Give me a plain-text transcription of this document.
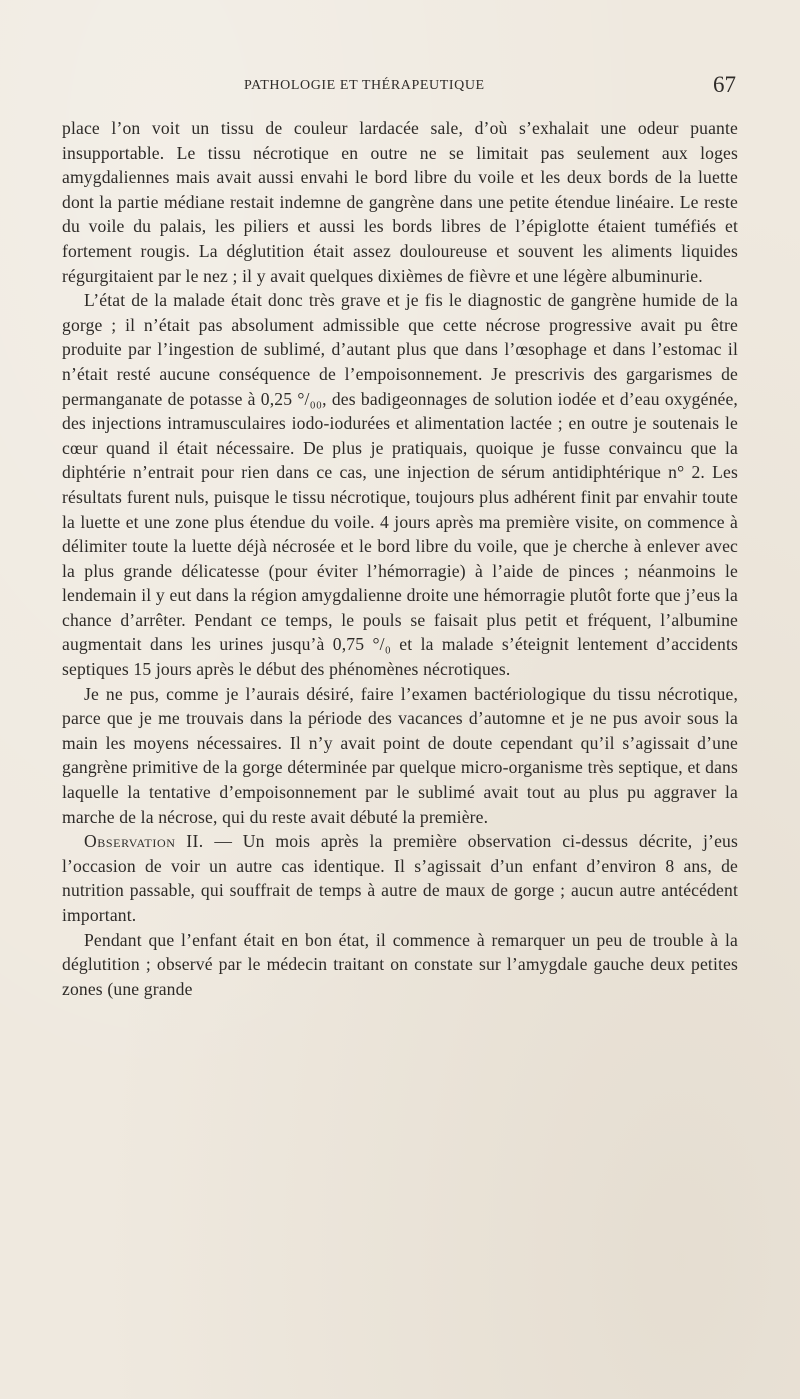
PATHOLOGIE ET THÉRAPEUTIQUE	67

place l’on voit un tissu de couleur lardacée sale, d’où s’exhalait une odeur puante insupportable. Le tissu nécrotique en outre ne se limitait pas seulement aux loges amygdaliennes mais avait aussi envahi le bord libre du voile et les deux bords de la luette dont la partie médiane restait indemne de gangrène dans une petite étendue linéaire. Le reste du voile du palais, les piliers et aussi les bords libres de l’épiglotte étaient tuméfiés et fortement rougis. La déglutition était assez douloureuse et souvent les aliments liquides régurgitaient par le nez ; il y avait quelques dixièmes de fièvre et une légère albuminurie.

L’état de la malade était donc très grave et je fis le diagnostic de gangrène humide de la gorge ; il n’était pas absolument admissible que cette nécrose progressive avait pu être produite par l’ingestion de sublimé, d’autant plus que dans l’œsophage et dans l’estomac il n’était resté aucune conséquence de l’empoisonnement. Je prescrivis des gargarismes de permanganate de potasse à 0,25 °/₀₀, des badigeonnages de solution iodée et d’eau oxygénée, des injections intramusculaires iodo-iodurées et alimentation lactée ; en outre je soutenais le cœur quand il était nécessaire. De plus je pratiquais, quoique je fusse convaincu que la diphtérie n’entrait pour rien dans ce cas, une injection de sérum antidiphtérique n° 2. Les résultats furent nuls, puisque le tissu nécrotique, toujours plus adhérent finit par envahir toute la luette et une zone plus étendue du voile. 4 jours après ma première visite, on commence à délimiter toute la luette déjà nécrosée et le bord libre du voile, que je cherche à enlever avec la plus grande délicatesse (pour éviter l’hémorragie) à l’aide de pinces ; néanmoins le lendemain il y eut dans la région amygdalienne droite une hémorragie plutôt forte que j’eus la chance d’arrêter. Pendant ce temps, le pouls se faisait plus petit et fréquent, l’albumine augmentait dans les urines jusqu’à 0,75 °/₀ et la malade s’éteignit lentement d’accidents septiques 15 jours après le début des phénomènes nécrotiques.

Je ne pus, comme je l’aurais désiré, faire l’examen bactériologique du tissu nécrotique, parce que je me trouvais dans la période des vacances d’automne et je ne pus avoir sous la main les moyens nécessaires. Il n’y avait point de doute cependant qu’il s’agissait d’une gangrène primitive de la gorge déterminée par quelque micro-organisme très septique, et dans laquelle la tentative d’empoisonnement par le sublimé avait tout au plus pu aggraver la marche de la nécrose, qui du reste avait débuté la première.

Observation II. — Un mois après la première observation ci-dessus décrite, j’eus l’occasion de voir un autre cas identique. Il s’agissait d’un enfant d’environ 8 ans, de nutrition passable, qui souffrait de temps à autre de maux de gorge ; aucun autre antécédent important.

Pendant que l’enfant était en bon état, il commence à remarquer un peu de trouble à la déglutition ; observé par le médecin traitant on constate sur l’amygdale gauche deux petites zones (une grande
